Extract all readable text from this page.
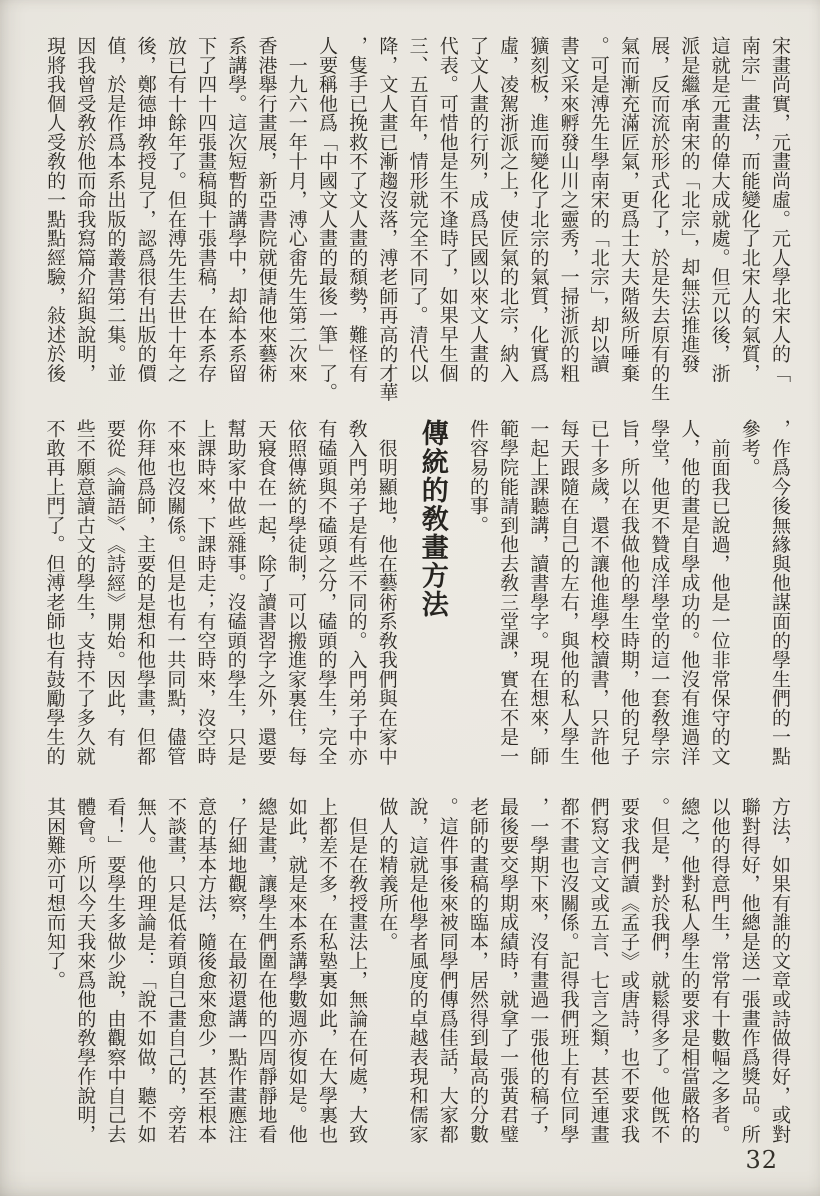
宋畫尚實，元畫尚虛。元人學北宋人的「
南宗」畫法，而能變化了北宋人的氣質，
這就是元畫的偉大成就處。但元以後，浙
派是繼承南宋的「北宗」，却無法推進發
展，反而流於形式化了，於是失去原有的生
氣而漸充滿匠氣，更爲士大夫階級所唾棄
。可是溥先生學南宋的「北宗」，却以讀
書文采來孵發山川之靈秀，一掃浙派的粗
獷刻板，進而變化了北宗的氣質，化實爲
虛，凌駕浙派之上，使匠氣的北宗，納入
了文人畫的行列，成爲民國以來文人畫的
代表。可惜他是生不逢時了，如果早生個
三、五百年，情形就完全不同了。清代以
降，文人畫已漸趨沒落，溥老師再高的才華
，隻手已挽救不了文人畫的頹勢，難怪有
人要稱他爲「中國文人畫的最後一筆」了。
　一九六一年十月，溥心畬先生第二次來
香港舉行畫展，新亞書院就便請他來藝術
系講學。這次短暫的講學中，却給本系留
下了四十四張畫稿與十張書稿，在本系存
放已有十餘年了。但在溥先生去世十年之
後，鄭德坤敎授見了，認爲很有出版的價
值，於是作爲本系出版的叢書第二集。並
因我曾受敎於他而命我寫篇介紹與說明，
現將我個人受敎的一點點經驗，敍述於後
，作爲今後無緣與他謀面的學生們的一點
參考。
　前面我已說過，他是一位非常保守的文
人，他的畫是自學成功的。他沒有進過洋
學堂，他更不贊成洋學堂的這一套敎學宗
旨，所以在我做他的學生時期，他的兒子
已十多歲，還不讓他進學校讀書，只許他
每天跟隨在自己的左右，與他的私人學生
一起上課聽講，讀書學字。現在想來，師
範學院能請到他去敎三堂課，實在不是一
件容易的事。
傳統的敎畫方法
　很明顯地，他在藝術系敎我們與在家中
敎入門弟子是有些不同的。入門弟子中亦
有磕頭與不磕頭之分，磕頭的學生，完全
依照傳統的學徒制，可以搬進家裏住，每
天寢食在一起，除了讀書習字之外，還要
幫助家中做些雜事。沒磕頭的學生，只是
上課時來，下課時走；有空時來，沒空時
不來也沒關係。但是也有一共同點，儘管
你拜他爲師，主要的是想和他學畫，但都
要從《論語》、《詩經》開始。因此，有
些不願意讀古文的學生，支持不了多久就
不敢再上門了。但溥老師也有鼓勵學生的
方法，如果有誰的文章或詩做得好，或對
聯對得好，他總是送一張畫作爲獎品。所
以他的得意門生，常常有十數幅之多者。
總之，他對私人學生的要求是相當嚴格的
。但是，對於我們，就鬆得多了。他旣不
要求我們讀《孟子》或唐詩，也不要求我
們寫文言文或五言、七言之類，甚至連畫
都不畫也沒關係。記得我們班上有位同學
，一學期下來，沒有畫過一張他的稿子，
最後要交學期成績時，就拿了一張黃君璧
老師的畫稿的臨本，居然得到最高的分數
。這件事後來被同學們傳爲佳話，大家都
說，這就是他學者風度的卓越表現和儒家
做人的精義所在。
　但是在敎授畫法上，無論在何處，大致
上都差不多，在私塾裏如此，在大學裏也
如此，就是來本系講學數週亦復如是。他
總是畫，讓學生們圍在他的四周靜靜地看
，仔細地觀察，在最初還講一點作畫應注
意的基本方法，隨後愈來愈少，甚至根本
不談畫，只是低着頭自己畫自己的，旁若
無人。他的理論是：「說不如做，聽不如
看！」要學生多做少說，由觀察中自己去
體會。所以今天我來爲他的敎學作說明，
其困難亦可想而知了。
32
